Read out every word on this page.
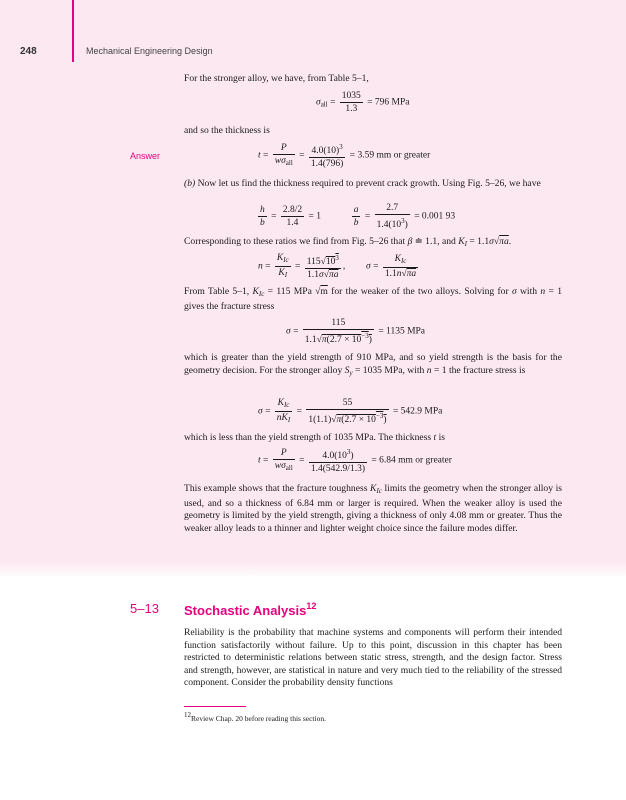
248	Mechanical Engineering Design
Answer

For the stronger alloy, we have, from Table 5–1,

$\sigma_{all} = \frac{1035}{1.3} = 796$ MPa

and so the thickness is

$t = \frac{P}{w\sigma_{all}} = \frac{4.0(10)^3}{1.4(796)} = 3.59$ mm or greater

(b) Now let us find the thickness required to prevent crack growth. Using Fig. 5–26, we have

$\frac{h}{b} = \frac{2.8/2}{1.4} = 1$	$\frac{a}{b} = \frac{2.7}{1.4(10^3)} = 0.001$ 93

Corresponding to these ratios we find from Fig. 5–26 that β ≐ 1.1, and $K_I = 1.1\sigma√\pi a$.

$n = \frac{K_{Ic}}{K_I} = \frac{115√10^3}{1.1\sigma√\pi a}$ , $\sigma = \frac{K_{Ic}}{1.1n√\pi a}$

From Table 5–1, $K_{Ic} = 115$ MPa √m for the weaker of the two alloys. Solving for σ with n = 1 gives the fracture stress

$\sigma = \frac{115}{1.1√\pi(2.7 \times 10^{-3})} = 1135$ MPa

which is greater than the yield strength of 910 MPa, and so yield strength is the basis for the geometry decision. For the stronger alloy $S_y = 1035$ MPa, with n = 1 the fracture stress is

$\sigma = \frac{K_{Ic}}{nK_I} = \frac{55}{1(1.1)√\pi(2.7 \times 10^{-3})} = 542.9$ MPa

which is less than the yield strength of 1035 MPa. The thickness t is

$t = \frac{P}{w\sigma_{all}} = \frac{4.0(10^3)}{1.4(542.9/1.3)} = 6.84$ mm or greater

This example shows that the fracture toughness $K_{Ic}$ limits the geometry when the stronger alloy is used, and so a thickness of 6.84 mm or larger is required. When the weaker alloy is used the geometry is limited by the yield strength, giving a thickness of only 4.08 mm or greater. Thus the weaker alloy leads to a thinner and lighter weight choice since the failure modes differ.

5–13 Stochastic Analysis$^{12}$

Reliability is the probability that machine systems and components will perform their intended function satisfactorily without failure. Up to this point, discussion in this chapter has been restricted to deterministic relations between static stress, strength, and the design factor. Stress and strength, however, are statistical in nature and very much tied to the reliability of the stressed component. Consider the probability density functions

12Review Chap. 20 before reading this section.
